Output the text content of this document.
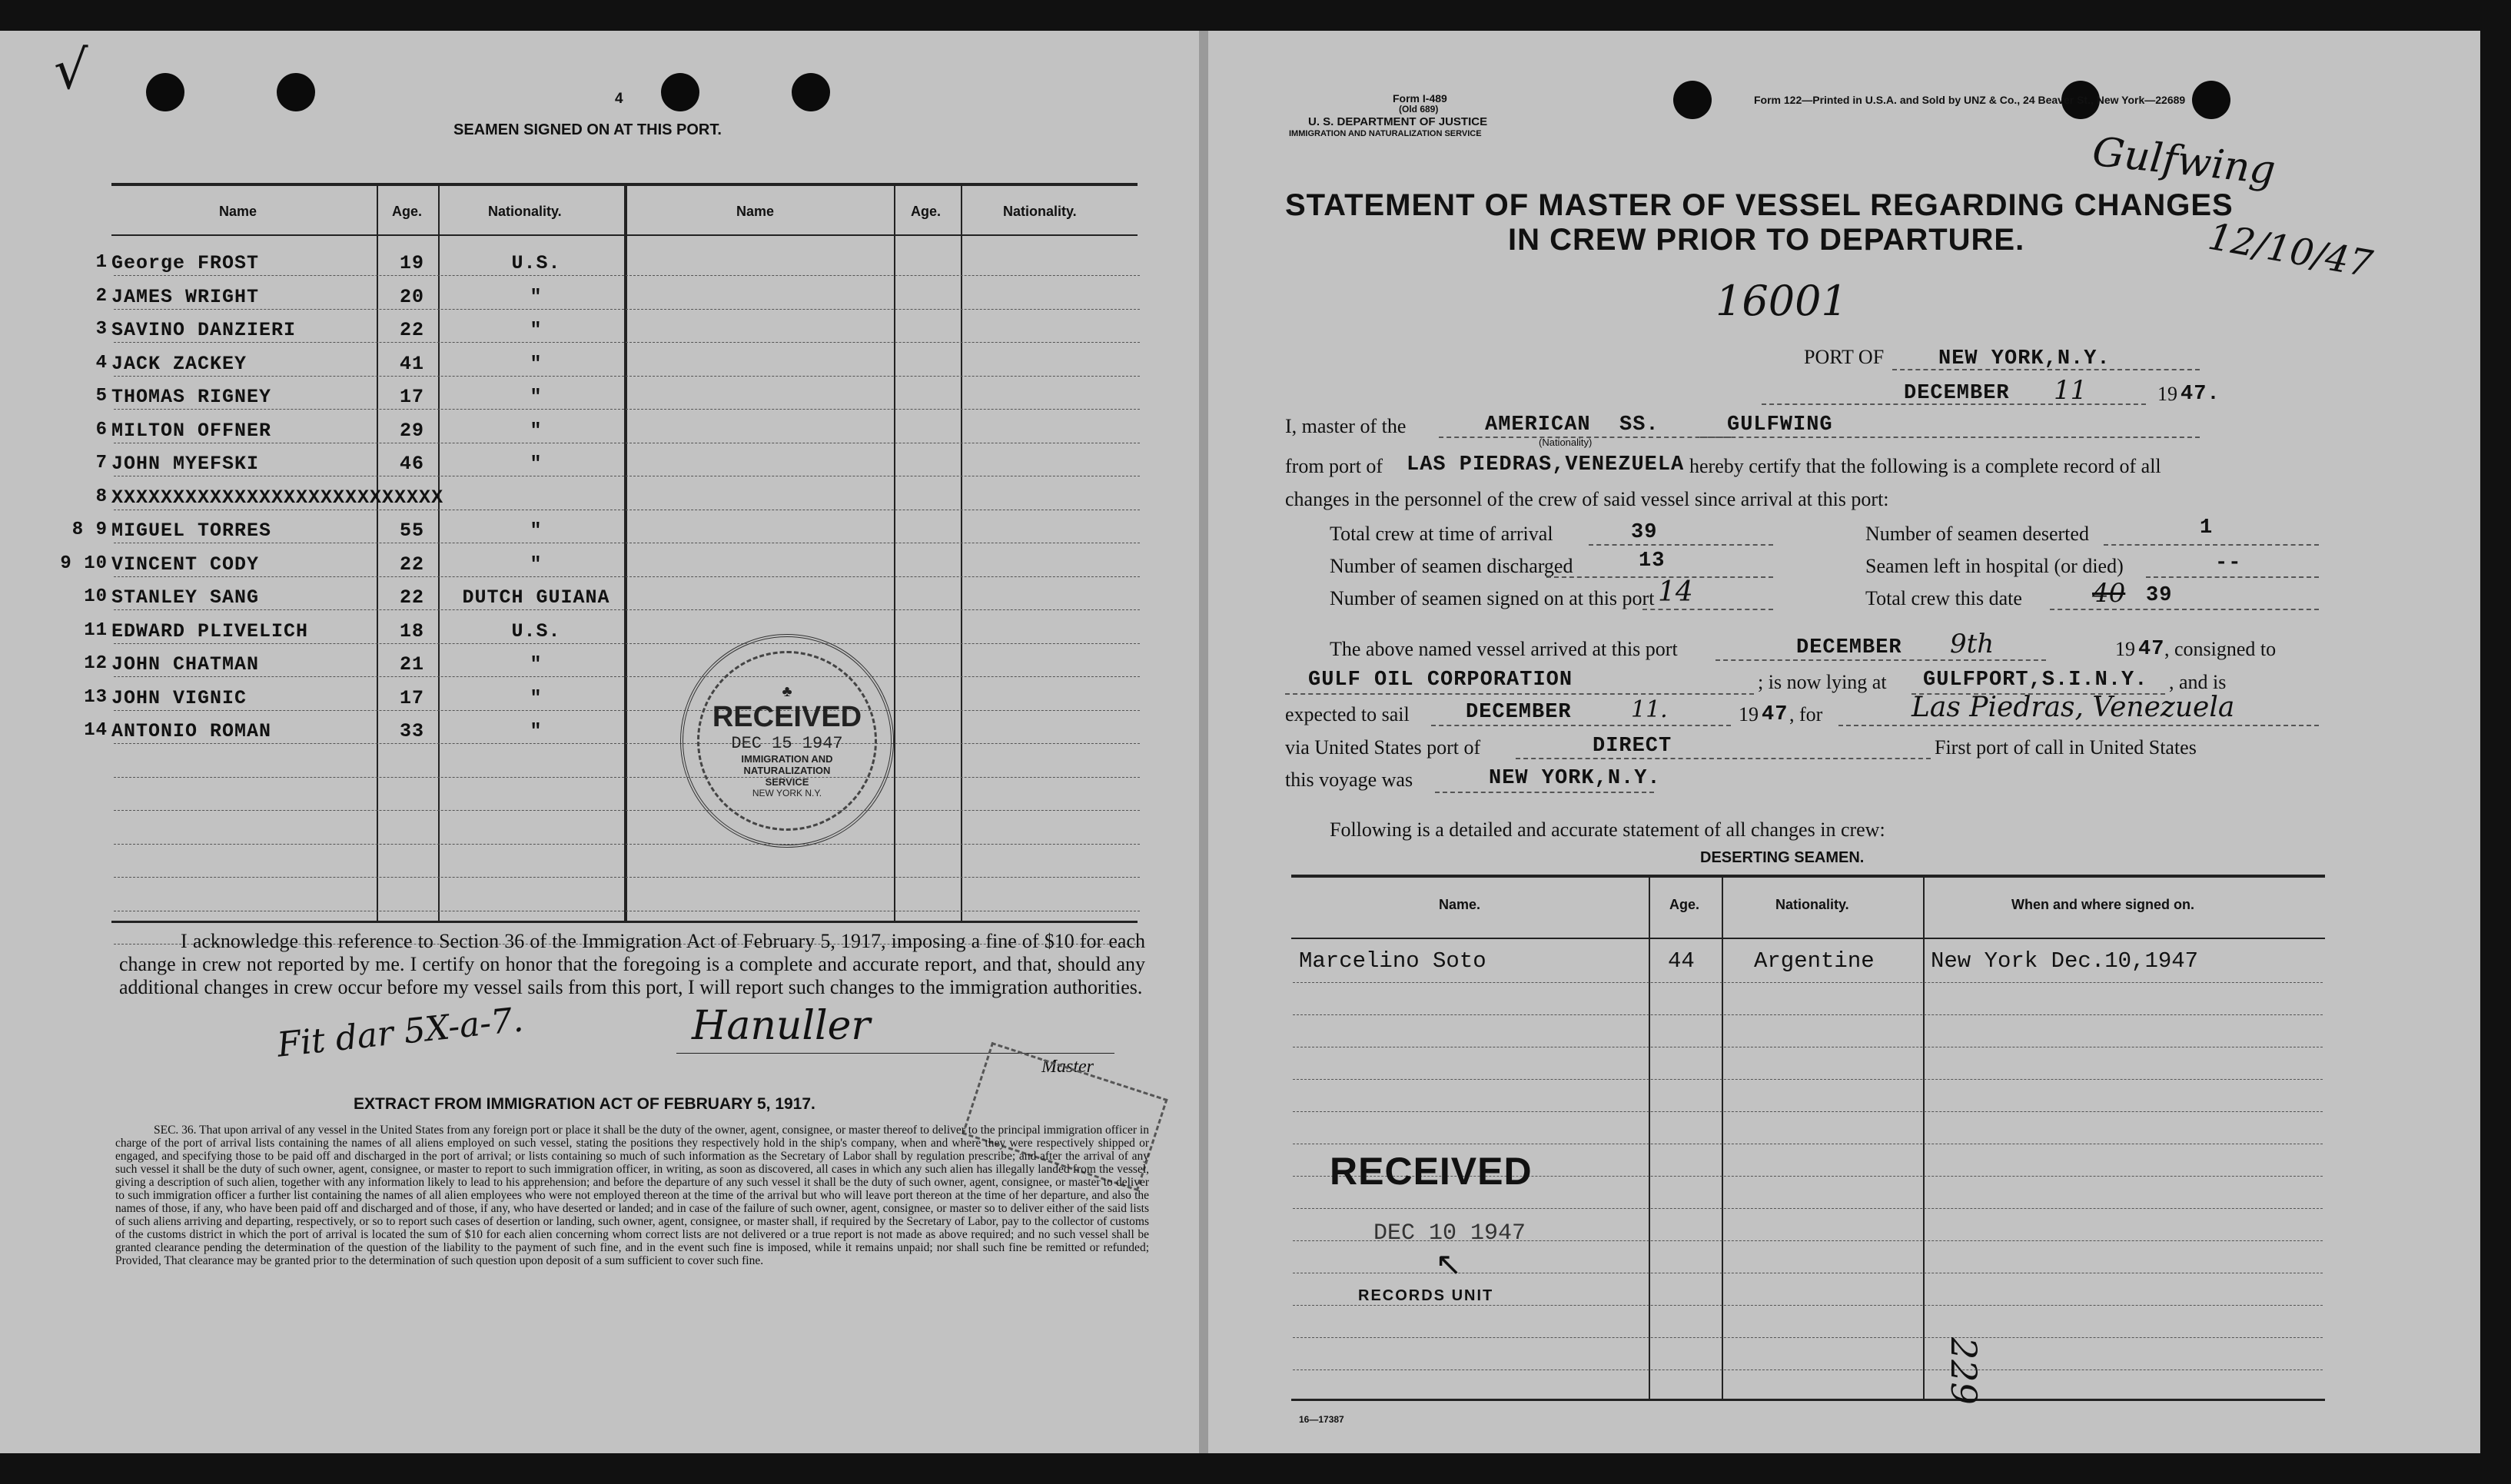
√	4
SEAMEN SIGNED ON AT THIS PORT.
Name	Age.	Nationality.	Name	Age.	Nationality.
1 George FROST	19	U.S.
2 JAMES WRIGHT	20	"
3 SAVINO DANZIERI	22	"
4 JACK ZACKEY	41	"
5 THOMAS RIGNEY	17	"
6 MILTON OFFNER	29	"
7 JOHN MYEFSKI	46	"
8 XXXXXXXXXXXXXXXXXXXXXXXXXXX
8 9 MIGUEL TORRES	55	"
9 10 VINCENT CODY	22	"
10 STANLEY SANG	22	DUTCH GUIANA
11 EDWARD PLIVELICH	18	U.S.
12 JOHN CHATMAN	21	"
13 JOHN VIGNIC	17	"
14 ANTONIO ROMAN	33	"
♣
RECEIVED
DEC 15 1947
IMMIGRATION AND NATURALIZATION SERVICE
NEW YORK N.Y.
I acknowledge this reference to Section 36 of the Immigration Act of February 5, 1917, imposing a fine of $10 for each change in crew not reported by me. I certify on honor that the foregoing is a complete and accurate report, and that, should any additional changes in crew occur before my vessel sails from this port, I will report such changes to the immigration authorities.
Fit dar 5X-a-7.	Hanuller
Master
EXTRACT FROM IMMIGRATION ACT OF FEBRUARY 5, 1917.
SEC. 36. That upon arrival of any vessel in the United States from any foreign port or place it shall be the duty of the owner, agent, consignee, or master thereof to deliver to the principal immigration officer in charge of the port of arrival lists containing the names of all aliens employed on such vessel, stating the positions they respectively hold in the ship's company, when and where they were respectively shipped or engaged, and specifying those to be paid off and discharged in the port of arrival; or lists containing so much of such information as the Secretary of Labor shall by regulation prescribe; and after the arrival of any such vessel it shall be the duty of such owner, agent, consignee, or master to report to such immigration officer, in writing, as soon as discovered, all cases in which any such alien has illegally landed from the vessel, giving a description of such alien, together with any information likely to lead to his apprehension; and before the departure of any such vessel it shall be the duty of such owner, agent, consignee, or master to deliver to such immigration officer a further list containing the names of all alien employees who were not employed thereon at the time of the arrival but who will leave port thereon at the time of her departure, and also the names of those, if any, who have been paid off and discharged and of those, if any, who have deserted or landed; and in case of the failure of such owner, agent, consignee, or master so to deliver either of the said lists of such aliens arriving and departing, respectively, or so to report such cases of desertion or landing, such owner, agent, consignee, or master shall, if required by the Secretary of Labor, pay to the collector of customs of the customs district in which the port of arrival is located the sum of $10 for each alien concerning whom correct lists are not delivered or a true report is not made as above required; and no such vessel shall be granted clearance pending the determination of the question of the liability to the payment of such fine, and in the event such fine is imposed, while it remains unpaid; nor shall such fine be remitted or refunded; Provided, That clearance may be granted prior to the determination of such question upon deposit of a sum sufficient to cover such fine.
Form I-489
(Old 689)
U. S. DEPARTMENT OF JUSTICE
IMMIGRATION AND NATURALIZATION SERVICE
Form 122—Printed in U.S.A. and Sold by UNZ & Co., 24 Beaver St., New York—22689
Gulfwing
12/10/47
STATEMENT OF MASTER OF VESSEL REGARDING CHANGES
IN CREW PRIOR TO DEPARTURE.
16001
PORT OF	NEW YORK,N.Y.
DECEMBER 11	19 47.
I, master of the	AMERICAN
(Nationality)
SS.	GULFWING
from port of LAS PIEDRAS,VENEZUELA hereby certify that the following is a complete record of all
changes in the personnel of the crew of said vessel since arrival at this port:
Total crew at time of arrival	39	Number of seamen deserted	1
Number of seamen discharged	13	Seamen left in hospital (or died)	--
Number of seamen signed on at this port 14	Total crew this date	40 39
The above named vessel arrived at this port	DECEMBER 9th	19 47 , consigned to
GULF OIL CORPORATION	; is now lying at GULFPORT,S.I.N.Y. , and is
expected to sail	DECEMBER	11.	19 47 , for	Las Piedras, Venezuela
via United States port of	DIRECT	First port of call in United States
this voyage was	NEW YORK,N.Y.
Following is a detailed and accurate statement of all changes in crew:
DESERTING SEAMEN.
Name.	Age.	Nationality.	When and where signed on.
Marcelino Soto	44	Argentine	New York Dec.10,1947
RECEIVED
DEC 10 1947
↖
RECORDS UNIT
229
16—17387
